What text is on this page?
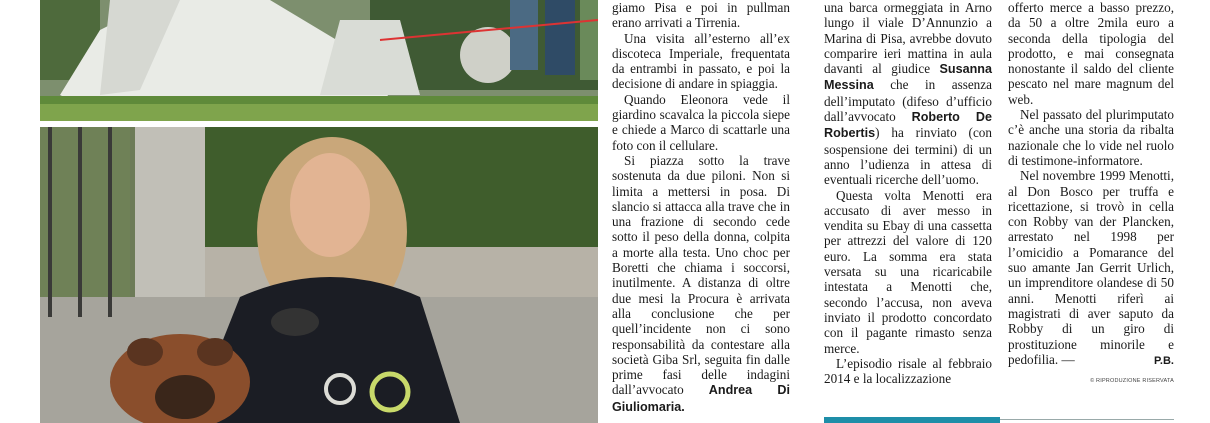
giamo Pisa e poi in pullman erano arrivati a Tirrenia.

Una visita all’esterno all’ex discoteca Imperiale, frequentata da entrambi in passato, e poi la decisione di andare in spiaggia.

Quando Eleonora vede il giardino scavalca la piccola siepe e chiede a Marco di scattarle una foto con il cellulare.

Si piazza sotto la trave sostenuta da due piloni. Non si limita a mettersi in posa. Di slancio si attacca alla trave che in una frazione di secondo cede sotto il peso della donna, colpita a morte alla testa. Uno choc per Boretti che chiama i soccorsi, inutilmente. A distanza di oltre due mesi la Procura è arrivata alla conclusione che per quell’incidente non ci sono responsabilità da contestare alla società Giba Srl, seguita fin dalle prime fasi delle indagini dall’avvocato Andrea Di Giuliomaria.

una barca ormeggiata in Arno lungo il viale D’Annunzio a Marina di Pisa, avrebbe dovuto comparire ieri mattina in aula davanti al giudice Susanna Messina che in assenza dell’imputato (difeso d’ufficio dall’avvocato Roberto De Robertis) ha rinviato (con sospensione dei termini) di un anno l’udienza in attesa di eventuali ricerche dell’uomo.

Questa volta Menotti era accusato di aver messo in vendita su Ebay di una cassetta per attrezzi del valore di 120 euro. La somma era stata versata su una ricaricabile intestata a Menotti che, secondo l’accusa, non aveva inviato il prodotto concordato con il pagante rimasto senza merce.

L’episodio risale al febbraio 2014 e la localizzazione

offerto merce a basso prezzo, da 50 a oltre 2mila euro a seconda della tipologia del prodotto, e mai consegnata nonostante il saldo del cliente pescato nel mare magnum del web.

Nel passato del plurimputato c’è anche una storia da ribalta nazionale che lo vide nel ruolo di testimone-informatore.

Nel novembre 1999 Menotti, al Don Bosco per truffa e ricettazione, si trovò in cella con Robby van der Plancken, arrestato nel 1998 per l’omicidio a Pomarance del suo amante Jan Gerrit Urlich, un imprenditore olandese di 50 anni. Menotti riferì ai magistrati di aver saputo da Robby di un giro di prostituzione minorile e pedofilia. —	P.B.
© RIPRODUZIONE RISERVATA
